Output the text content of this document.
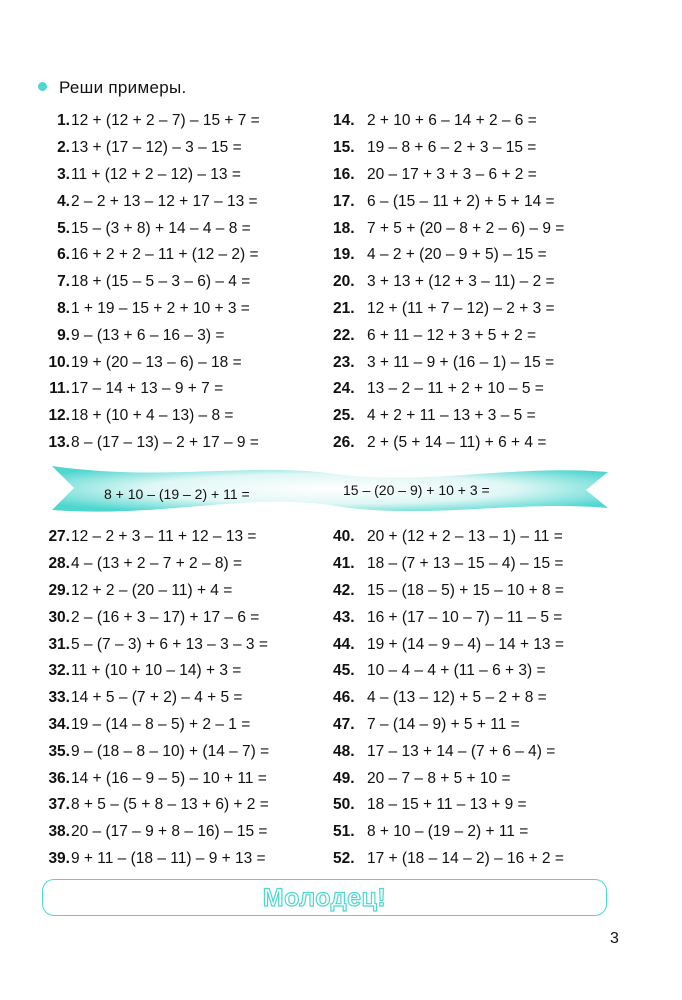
Реши примеры.
1. 12 + (12 + 2 – 7) – 15 + 7 =
2. 13 + (17 – 12) – 3 – 15 =
3. 11 + (12 + 2 – 12) – 13 =
4. 2 – 2 + 13 – 12 + 17 – 13 =
5. 15 – (3 + 8) + 14 – 4 – 8 =
6. 16 + 2 + 2 – 11 + (12 – 2) =
7. 18 + (15 – 5 – 3 – 6) – 4 =
8. 1 + 19 – 15 + 2 + 10 + 3 =
9. 9 – (13 + 6 – 16 – 3) =
10. 19 + (20 – 13 – 6) – 18 =
11. 17 – 14 + 13 – 9 + 7 =
12. 18 + (10 + 4 – 13) – 8 =
13. 8 – (17 – 13) – 2 + 17 – 9 =
14. 2 + 10 + 6 – 14 + 2 – 6 =
15. 19 – 8 + 6 – 2 + 3 – 15 =
16. 20 – 17 + 3 + 3 – 6 + 2 =
17. 6 – (15 – 11 + 2) + 5 + 14 =
18. 7 + 5 + (20 – 8 + 2 – 6) – 9 =
19. 4 – 2 + (20 – 9 + 5) – 15 =
20. 3 + 13 + (12 + 3 – 11) – 2 =
21. 12 + (11 + 7 – 12) – 2 + 3 =
22. 6 + 11 – 12 + 3 + 5 + 2 =
23. 3 + 11 – 9 + (16 – 1) – 15 =
24. 13 – 2 – 11 + 2 + 10 – 5 =
25. 4 + 2 + 11 – 13 + 3 – 5 =
26. 2 + (5 + 14 – 11) + 6 + 4 =
8 + 10 – (19 – 2) + 11 =	15 – (20 – 9) + 10 + 3 =
27. 12 – 2 + 3 – 11 + 12 – 13 =
28. 4 – (13 + 2 – 7 + 2 – 8) =
29. 12 + 2 – (20 – 11) + 4 =
30. 2 – (16 + 3 – 17) + 17 – 6 =
31. 5 – (7 – 3) + 6 + 13 – 3 – 3 =
32. 11 + (10 + 10 – 14) + 3 =
33. 14 + 5 – (7 + 2) – 4 + 5 =
34. 19 – (14 – 8 – 5) + 2 – 1 =
35. 9 – (18 – 8 – 10) + (14 – 7) =
36. 14 + (16 – 9 – 5) – 10 + 11 =
37. 8 + 5 – (5 + 8 – 13 + 6) + 2 =
38. 20 – (17 – 9 + 8 – 16) – 15 =
39. 9 + 11 – (18 – 11) – 9 + 13 =
40. 20 + (12 + 2 – 13 – 1) – 11 =
41. 18 – (7 + 13 – 15 – 4) – 15 =
42. 15 – (18 – 5) + 15 – 10 + 8 =
43. 16 + (17 – 10 – 7) – 11 – 5 =
44. 19 + (14 – 9 – 4) – 14 + 13 =
45. 10 – 4 – 4 + (11 – 6 + 3) =
46. 4 – (13 – 12) + 5 – 2 + 8 =
47. 7 – (14 – 9) + 5 + 11 =
48. 17 – 13 + 14 – (7 + 6 – 4) =
49. 20 – 7 – 8 + 5 + 10 =
50. 18 – 15 + 11 – 13 + 9 =
51. 8 + 10 – (19 – 2) + 11 =
52. 17 + (18 – 14 – 2) – 16 + 2 =
Молодец!
3
